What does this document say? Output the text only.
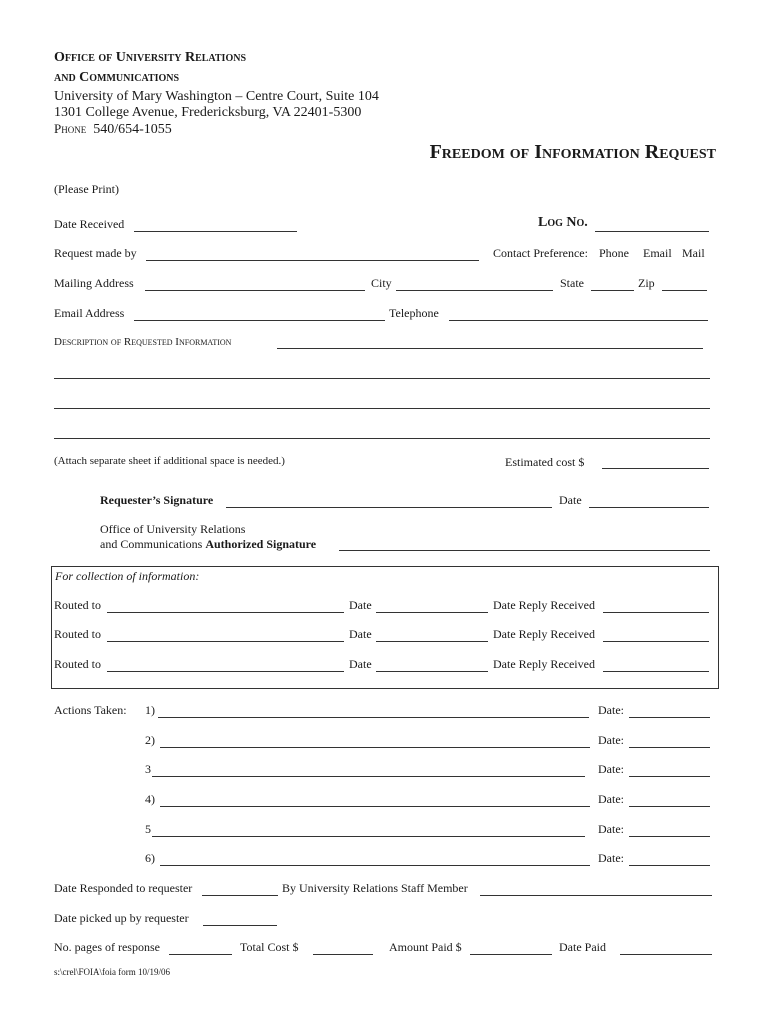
Office of University Relations
and Communications
University of Mary Washington – Centre Court, Suite 104
1301 College Avenue, Fredericksburg, VA 22401-5300
Phone 540/654-1055
Freedom of Information Request
(Please Print)
Date Received	Log No.
Request made by	Contact Preference: Phone Email Mail
Mailing Address	City	State	Zip
Email Address	Telephone
Description of Requested Information
(Attach separate sheet if additional space is needed.)	Estimated cost $
Requester’s Signature	Date
Office of University Relations
and Communications Authorized Signature
For collection of information:
Routed to	Date	Date Reply Received
Routed to	Date	Date Reply Received
Routed to	Date	Date Reply Received
Actions Taken: 1)	Date:
2)	Date:
3	Date:
4)	Date:
5	Date:
6)	Date:
Date Responded to requester	By University Relations Staff Member
Date picked up by requester
No. pages of response	Total Cost $	Amount Paid $	Date Paid
s:\crel\FOIA\foia form 10/19/06
